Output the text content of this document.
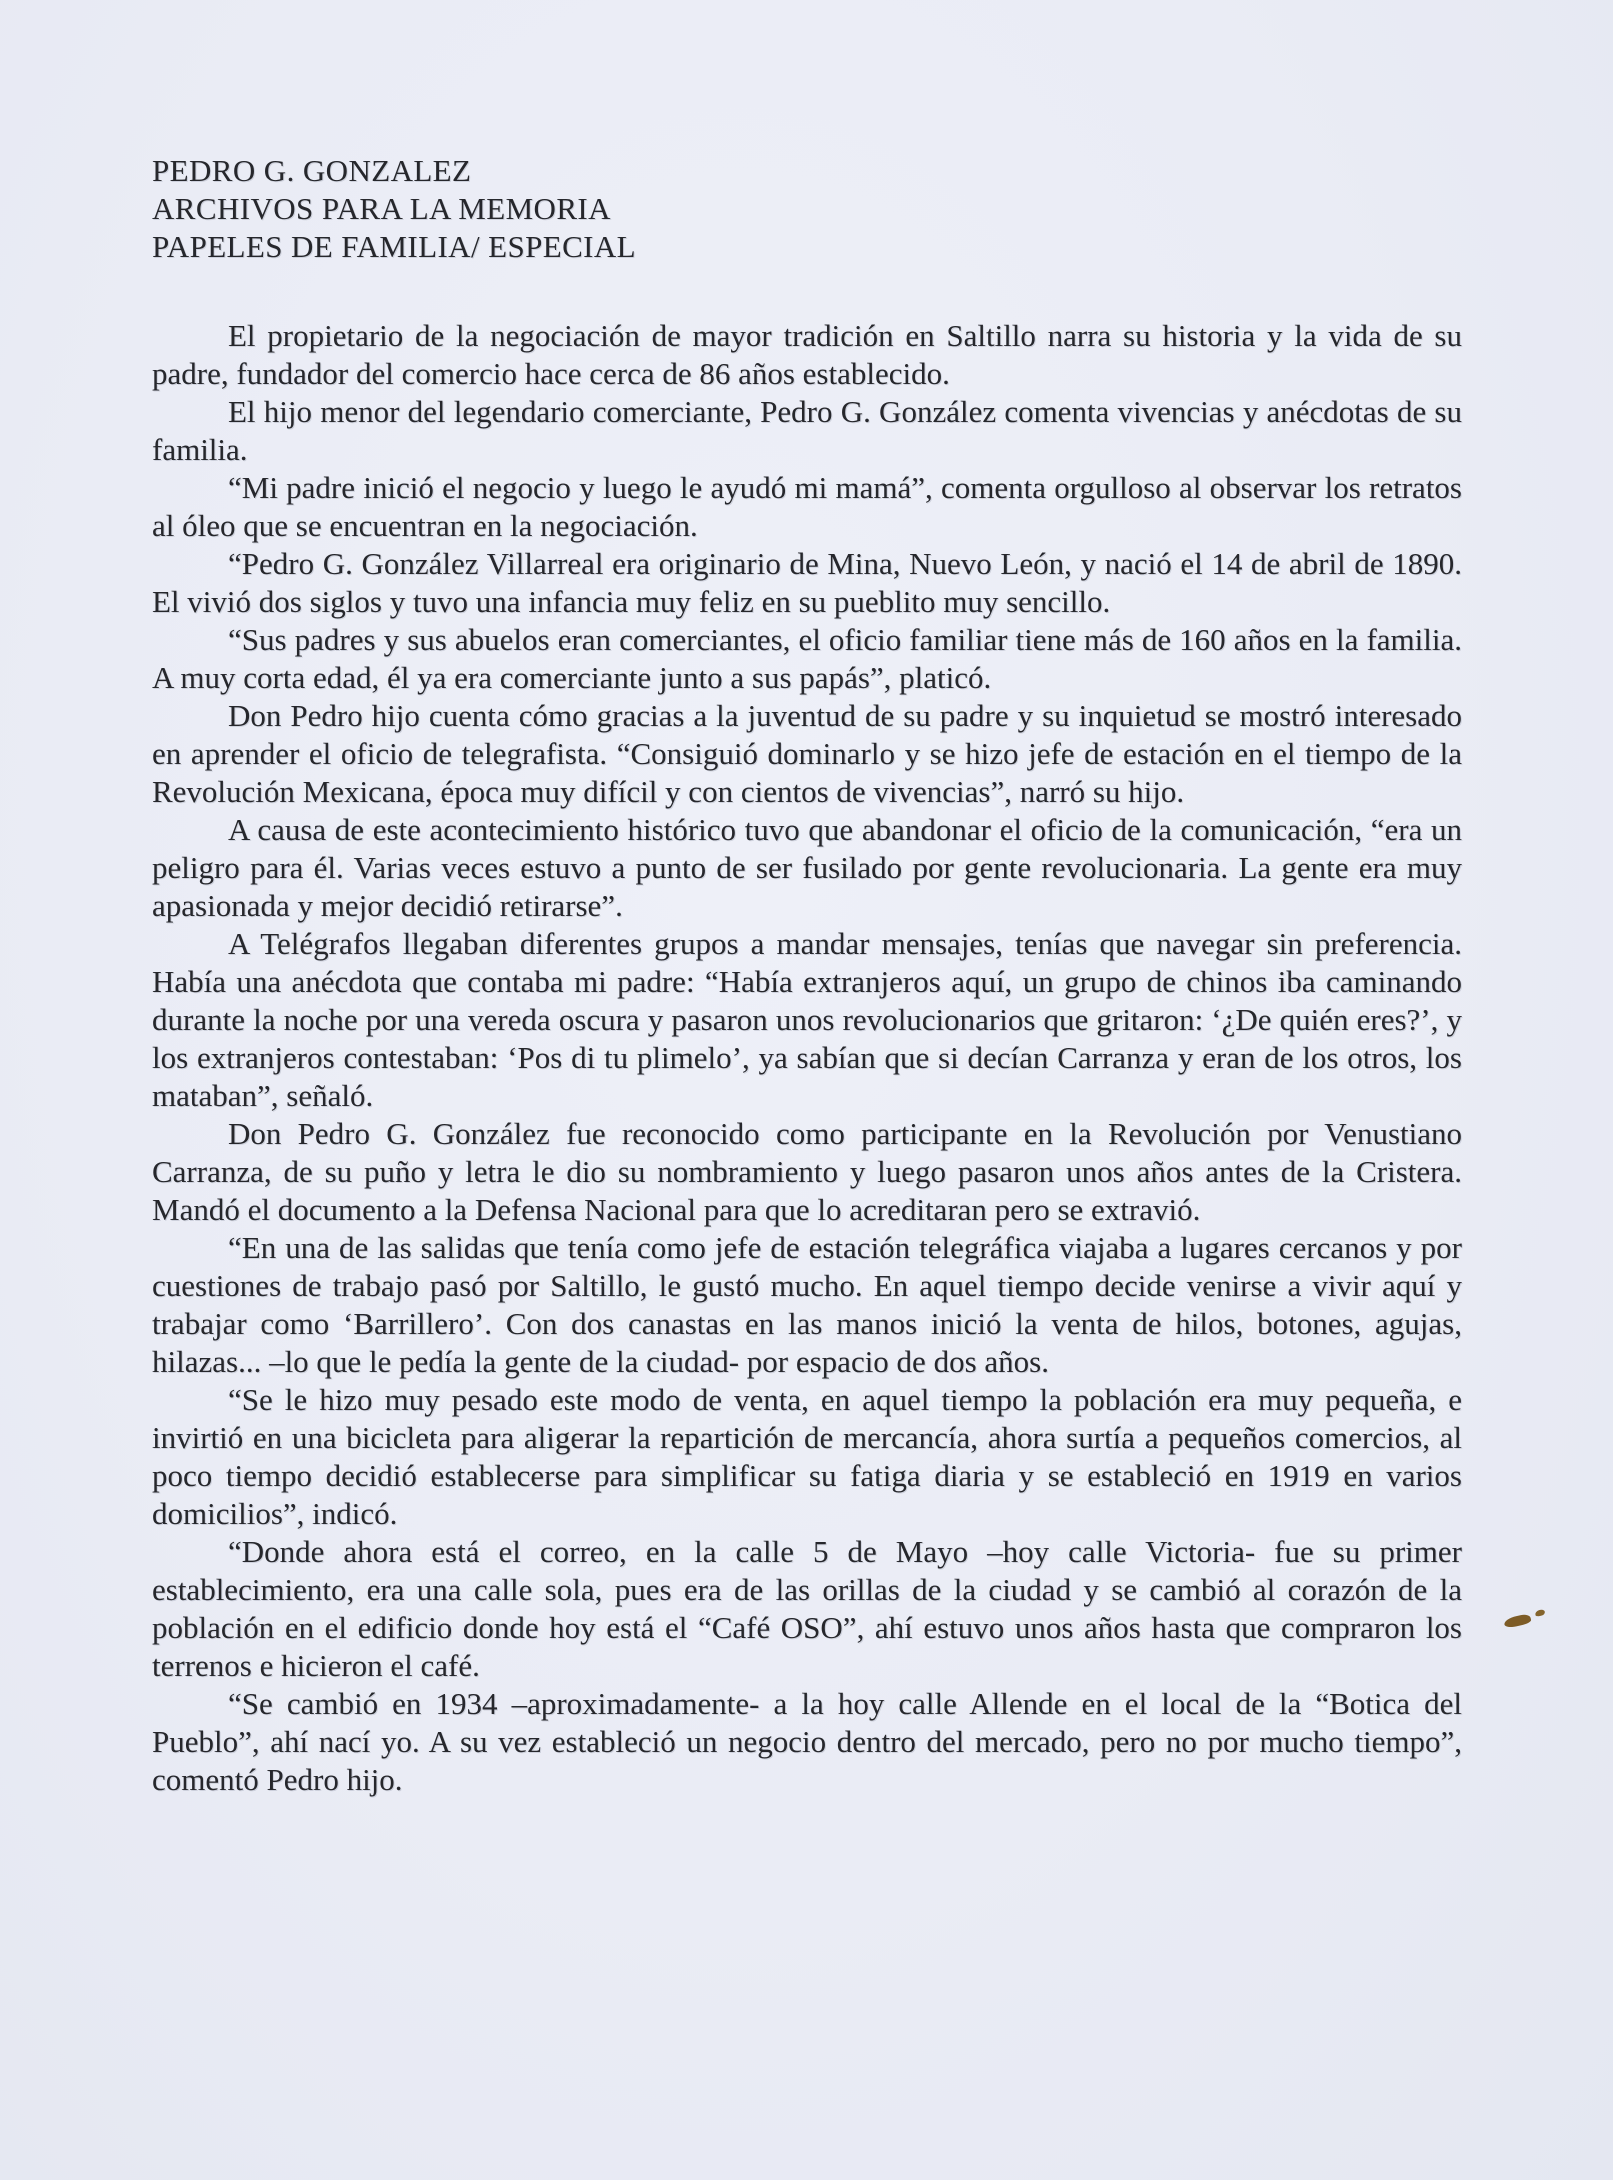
PEDRO G. GONZALEZ
ARCHIVOS PARA LA MEMORIA
PAPELES DE FAMILIA/ ESPECIAL

El propietario de la negociación de mayor tradición en Saltillo narra su historia y la vida de su padre, fundador del comercio hace cerca de 86 años establecido.

El hijo menor del legendario comerciante, Pedro G. González comenta vivencias y anécdotas de su familia.

“Mi padre inició el negocio y luego le ayudó mi mamá”, comenta orgulloso al observar los retratos al óleo que se encuentran en la negociación.

“Pedro G. González Villarreal era originario de Mina, Nuevo León, y nació el 14 de abril de 1890. El vivió dos siglos y tuvo una infancia muy feliz en su pueblito muy sencillo.

“Sus padres y sus abuelos eran comerciantes, el oficio familiar tiene más de 160 años en la familia. A muy corta edad, él ya era comerciante junto a sus papás”, platicó.

Don Pedro hijo cuenta cómo gracias a la juventud de su padre y su inquietud se mostró interesado en aprender el oficio de telegrafista. “Consiguió dominarlo y se hizo jefe de estación en el tiempo de la Revolución Mexicana, época muy difícil y con cientos de vivencias”, narró su hijo.

A causa de este acontecimiento histórico tuvo que abandonar el oficio de la comunicación, “era un peligro para él. Varias veces estuvo a punto de ser fusilado por gente revolucionaria. La gente era muy apasionada y mejor decidió retirarse”.

A Telégrafos llegaban diferentes grupos a mandar mensajes, tenías que navegar sin preferencia. Había una anécdota que contaba mi padre: “Había extranjeros aquí, un grupo de chinos iba caminando durante la noche por una vereda oscura y pasaron unos revolucionarios que gritaron: ‘¿De quién eres?’, y los extranjeros contestaban: ‘Pos di tu plimelo’, ya sabían que si decían Carranza y eran de los otros, los mataban”, señaló.

Don Pedro G. González fue reconocido como participante en la Revolución por Venustiano Carranza, de su puño y letra le dio su nombramiento y luego pasaron unos años antes de la Cristera. Mandó el documento a la Defensa Nacional para que lo acreditaran pero se extravió.

“En una de las salidas que tenía como jefe de estación telegráfica viajaba a lugares cercanos y por cuestiones de trabajo pasó por Saltillo, le gustó mucho. En aquel tiempo decide venirse a vivir aquí y trabajar como ‘Barrillero’. Con dos canastas en las manos inició la venta de hilos, botones, agujas, hilazas... –lo que le pedía la gente de la ciudad- por espacio de dos años.

“Se le hizo muy pesado este modo de venta, en aquel tiempo la población era muy pequeña, e invirtió en una bicicleta para aligerar la repartición de mercancía, ahora surtía a pequeños comercios, al poco tiempo decidió establecerse para simplificar su fatiga diaria y se estableció en 1919 en varios domicilios”, indicó.

“Donde ahora está el correo, en la calle 5 de Mayo –hoy calle Victoria- fue su primer establecimiento, era una calle sola, pues era de las orillas de la ciudad y se cambió al corazón de la población en el edificio donde hoy está el “Café OSO”, ahí estuvo unos años hasta que compraron los terrenos e hicieron el café.

“Se cambió en 1934 –aproximadamente- a la hoy calle Allende en el local de la “Botica del Pueblo”, ahí nací yo. A su vez estableció un negocio dentro del mercado, pero no por mucho tiempo”, comentó Pedro hijo.
